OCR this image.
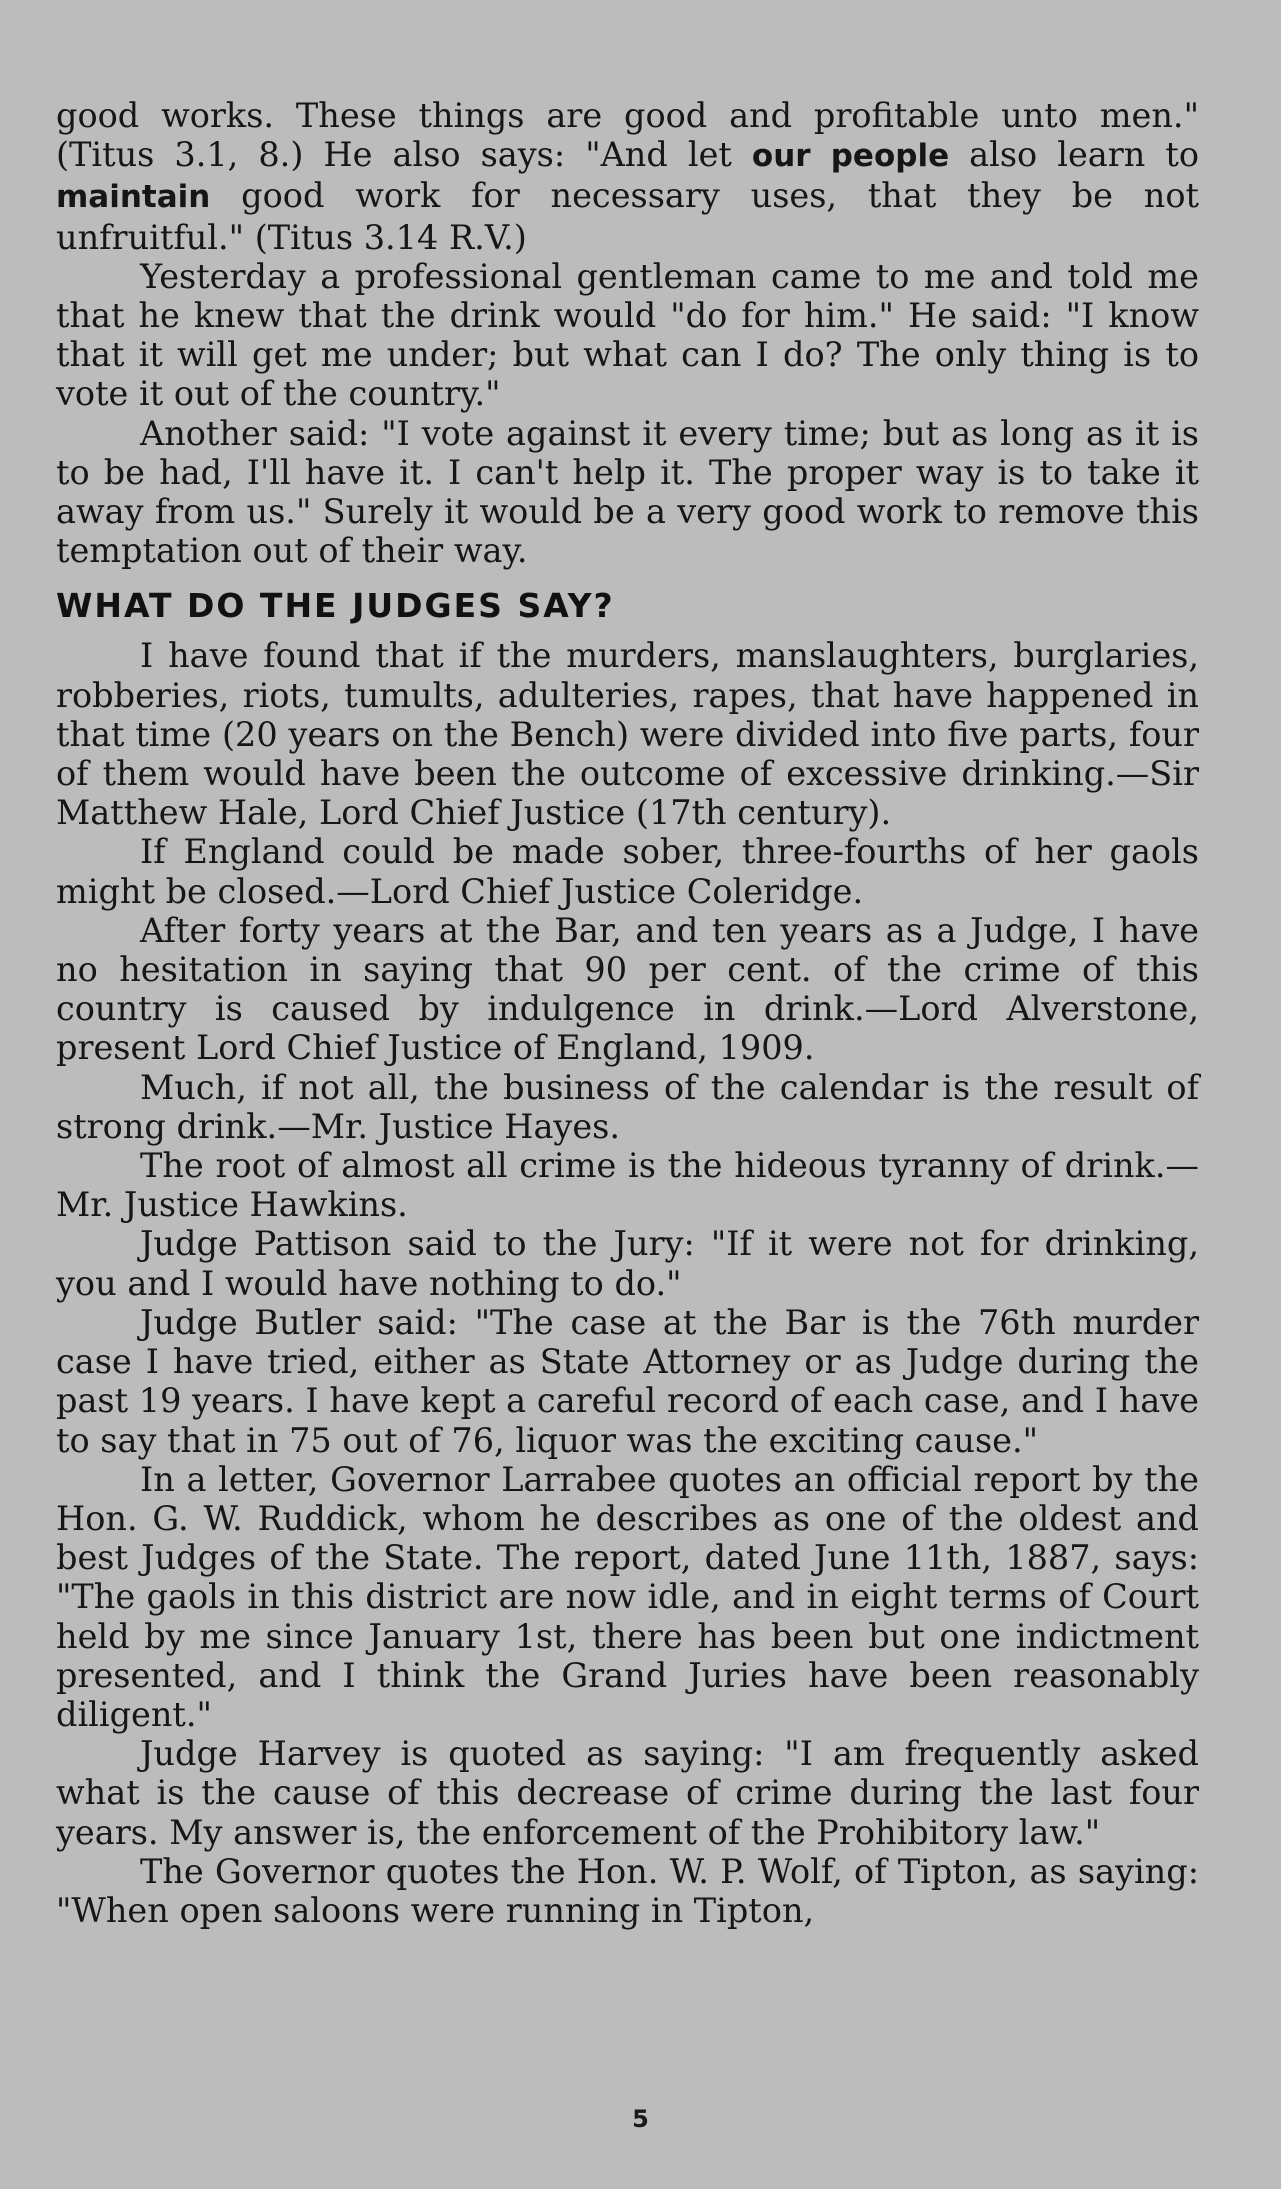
good works. These things are good and profitable unto men." (Titus 3.1, 8.) He also says: "And let our people also learn to maintain good work for necessary uses, that they be not unfruitful." (Titus 3.14 R.V.)

Yesterday a professional gentleman came to me and told me that he knew that the drink would "do for him." He said: "I know that it will get me under; but what can I do? The only thing is to vote it out of the country."

Another said: "I vote against it every time; but as long as it is to be had, I'll have it. I can't help it. The proper way is to take it away from us." Surely it would be a very good work to remove this temptation out of their way.

WHAT DO THE JUDGES SAY?

I have found that if the murders, manslaughters, burglaries, robberies, riots, tumults, adulteries, rapes, that have happened in that time (20 years on the Bench) were divided into five parts, four of them would have been the outcome of excessive drinking.—Sir Matthew Hale, Lord Chief Justice (17th century).

If England could be made sober, three-fourths of her gaols might be closed.—Lord Chief Justice Coleridge.

After forty years at the Bar, and ten years as a Judge, I have no hesitation in saying that 90 per cent. of the crime of this country is caused by indulgence in drink.—Lord Alverstone, present Lord Chief Justice of England, 1909.

Much, if not all, the business of the calendar is the result of strong drink.—Mr. Justice Hayes.

The root of almost all crime is the hideous tyranny of drink.—Mr. Justice Hawkins.

Judge Pattison said to the Jury: "If it were not for drinking, you and I would have nothing to do."

Judge Butler said: "The case at the Bar is the 76th murder case I have tried, either as State Attorney or as Judge during the past 19 years. I have kept a careful record of each case, and I have to say that in 75 out of 76, liquor was the exciting cause."

In a letter, Governor Larrabee quotes an official report by the Hon. G. W. Ruddick, whom he describes as one of the oldest and best Judges of the State. The report, dated June 11th, 1887, says: "The gaols in this district are now idle, and in eight terms of Court held by me since January 1st, there has been but one indictment presented, and I think the Grand Juries have been reasonably diligent."

Judge Harvey is quoted as saying: "I am frequently asked what is the cause of this decrease of crime during the last four years. My answer is, the enforcement of the Prohibitory law."

The Governor quotes the Hon. W. P. Wolf, of Tipton, as saying: "When open saloons were running in Tipton,

5
